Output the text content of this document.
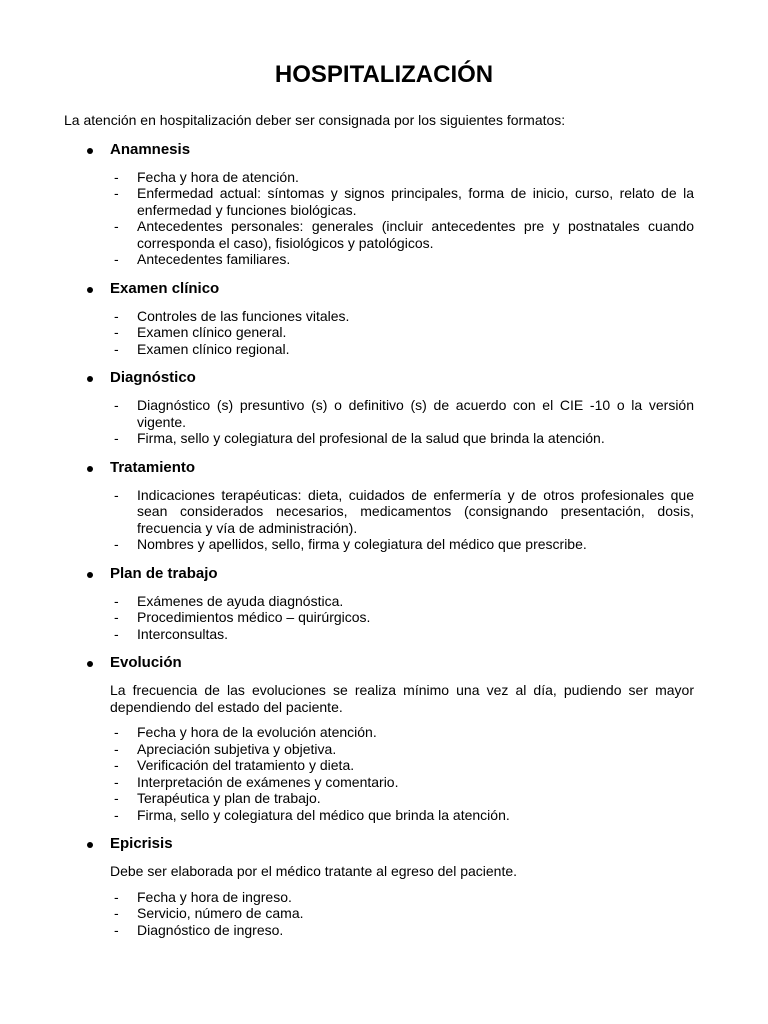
HOSPITALIZACIÓN

La atención en hospitalización deber ser consignada por los siguientes formatos:

Anamnesis
- Fecha y hora de atención.
- Enfermedad actual: síntomas y signos principales, forma de inicio, curso, relato de la enfermedad y funciones biológicas.
- Antecedentes personales: generales (incluir antecedentes pre y postnatales cuando corresponda el caso), fisiológicos y patológicos.
- Antecedentes familiares.
Examen clínico
- Controles de las funciones vitales.
- Examen clínico general.
- Examen clínico regional.
Diagnóstico
- Diagnóstico (s) presuntivo (s) o definitivo (s) de acuerdo con el CIE -10 o la versión vigente.
- Firma, sello y colegiatura del profesional de la salud que brinda la atención.
Tratamiento
- Indicaciones terapéuticas: dieta, cuidados de enfermería y de otros profesionales que sean considerados necesarios, medicamentos (consignando presentación, dosis, frecuencia y vía de administración).
- Nombres y apellidos, sello, firma y colegiatura del médico que prescribe.
Plan de trabajo
- Exámenes de ayuda diagnóstica.
- Procedimientos médico – quirúrgicos.
- Interconsultas.
Evolución

La frecuencia de las evoluciones se realiza mínimo una vez al día, pudiendo ser mayor dependiendo del estado del paciente.

- Fecha y hora de la evolución atención.
- Apreciación subjetiva y objetiva.
- Verificación del tratamiento y dieta.
- Interpretación de exámenes y comentario.
- Terapéutica y plan de trabajo.
- Firma, sello y colegiatura del médico que brinda la atención.
Epicrisis

Debe ser elaborada por el médico tratante al egreso del paciente.

- Fecha y hora de ingreso.
- Servicio, número de cama.
- Diagnóstico de ingreso.
